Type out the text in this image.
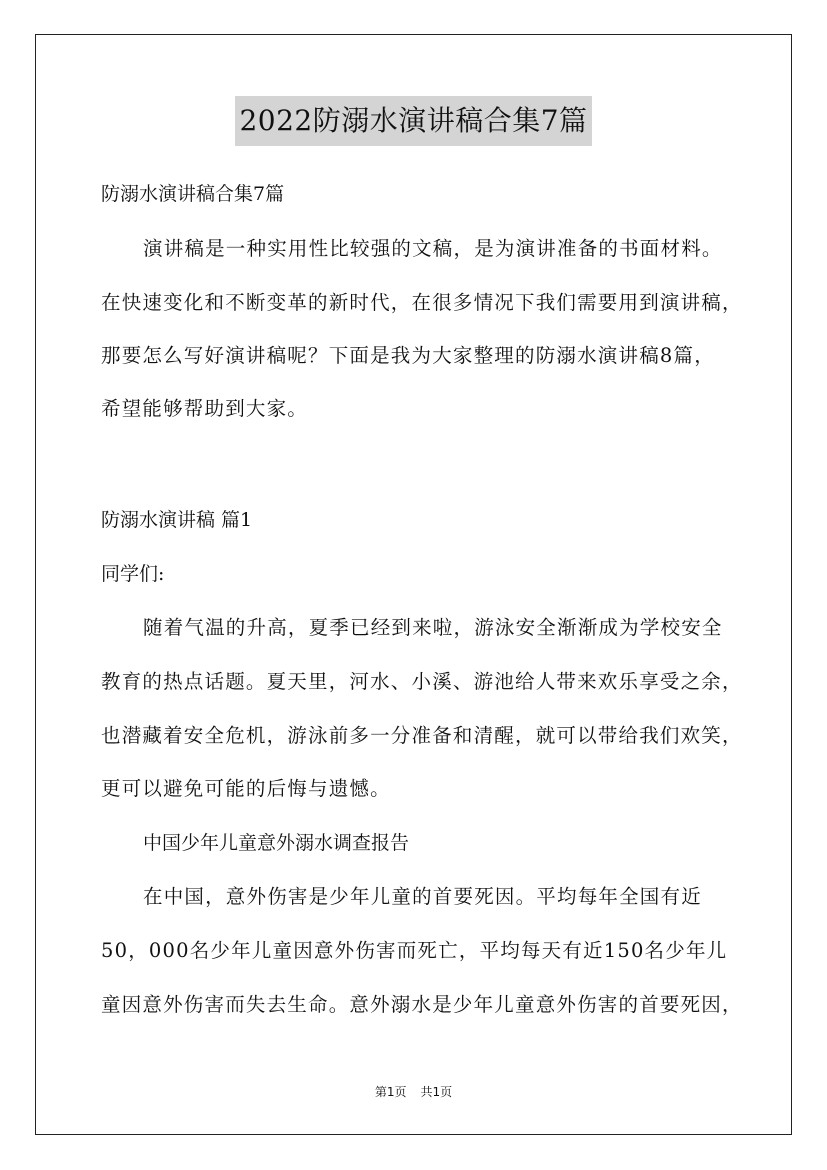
2022防溺水演讲稿合集7篇
防溺水演讲稿合集7篇
演讲稿是一种实用性比较强的文稿，是为演讲准备的书面材料。
在快速变化和不断变革的新时代，在很多情况下我们需要用到演讲稿，
那要怎么写好演讲稿呢？下面是我为大家整理的防溺水演讲稿8篇，
希望能够帮助到大家。
防溺水演讲稿 篇1
同学们:
随着气温的升高，夏季已经到来啦，游泳安全渐渐成为学校安全
教育的热点话题。夏天里，河水、小溪、游池给人带来欢乐享受之余，
也潜藏着安全危机，游泳前多一分准备和清醒，就可以带给我们欢笑，
更可以避免可能的后悔与遗憾。
中国少年儿童意外溺水调查报告
在中国，意外伤害是少年儿童的首要死因。平均每年全国有近
50，000名少年儿童因意外伤害而死亡，平均每天有近150名少年儿
童因意外伤害而失去生命。意外溺水是少年儿童意外伤害的首要死因，
第1页 共1页
